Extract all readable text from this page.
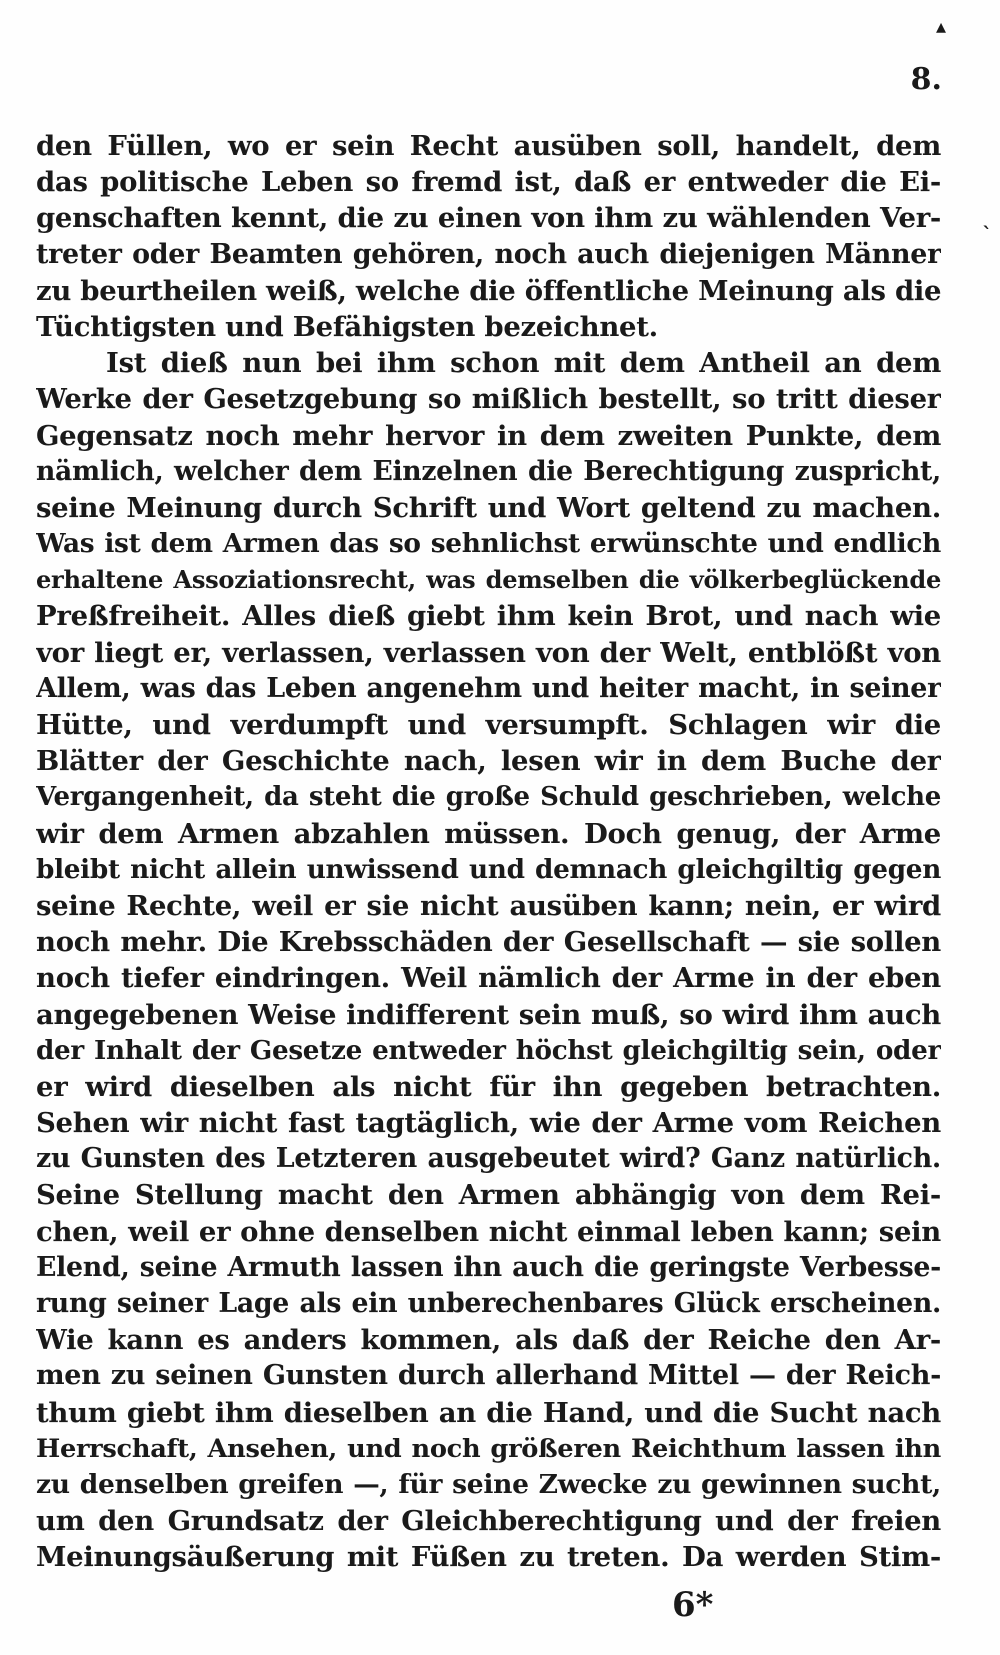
▴
`
8.
den Füllen, wo er sein Recht ausüben soll, handelt, dem
das politische Leben so fremd ist, daß er entweder die Ei-
genschaften kennt, die zu einen von ihm zu wählenden Ver-
treter oder Beamten gehören, noch auch diejenigen Männer
zu beurtheilen weiß, welche die öffentliche Meinung als die
Tüchtigsten und Befähigsten bezeichnet.
Ist dieß nun bei ihm schon mit dem Antheil an dem
Werke der Gesetzgebung so mißlich bestellt, so tritt dieser
Gegensatz noch mehr hervor in dem zweiten Punkte, dem
nämlich, welcher dem Einzelnen die Berechtigung zuspricht,
seine Meinung durch Schrift und Wort geltend zu machen.
Was ist dem Armen das so sehnlichst erwünschte und endlich
erhaltene Assoziationsrecht, was demselben die völkerbeglückende
Preßfreiheit. Alles dieß giebt ihm kein Brot, und nach wie
vor liegt er, verlassen, verlassen von der Welt, entblößt von
Allem, was das Leben angenehm und heiter macht, in seiner
Hütte, und verdumpft und versumpft. Schlagen wir die
Blätter der Geschichte nach, lesen wir in dem Buche der
Vergangenheit, da steht die große Schuld geschrieben, welche
wir dem Armen abzahlen müssen. Doch genug, der Arme
bleibt nicht allein unwissend und demnach gleichgiltig gegen
seine Rechte, weil er sie nicht ausüben kann; nein, er wird
noch mehr. Die Krebsschäden der Gesellschaft — sie sollen
noch tiefer eindringen. Weil nämlich der Arme in der eben
angegebenen Weise indifferent sein muß, so wird ihm auch
der Inhalt der Gesetze entweder höchst gleichgiltig sein, oder
er wird dieselben als nicht für ihn gegeben betrachten.
Sehen wir nicht fast tagtäglich, wie der Arme vom Reichen
zu Gunsten des Letzteren ausgebeutet wird? Ganz natürlich.
Seine Stellung macht den Armen abhängig von dem Rei-
chen, weil er ohne denselben nicht einmal leben kann; sein
Elend, seine Armuth lassen ihn auch die geringste Verbesse-
rung seiner Lage als ein unberechenbares Glück erscheinen.
Wie kann es anders kommen, als daß der Reiche den Ar-
men zu seinen Gunsten durch allerhand Mittel — der Reich-
thum giebt ihm dieselben an die Hand, und die Sucht nach
Herrschaft, Ansehen, und noch größeren Reichthum lassen ihn
zu denselben greifen —, für seine Zwecke zu gewinnen sucht,
um den Grundsatz der Gleichberechtigung und der freien
Meinungsäußerung mit Füßen zu treten. Da werden Stim-
6*
